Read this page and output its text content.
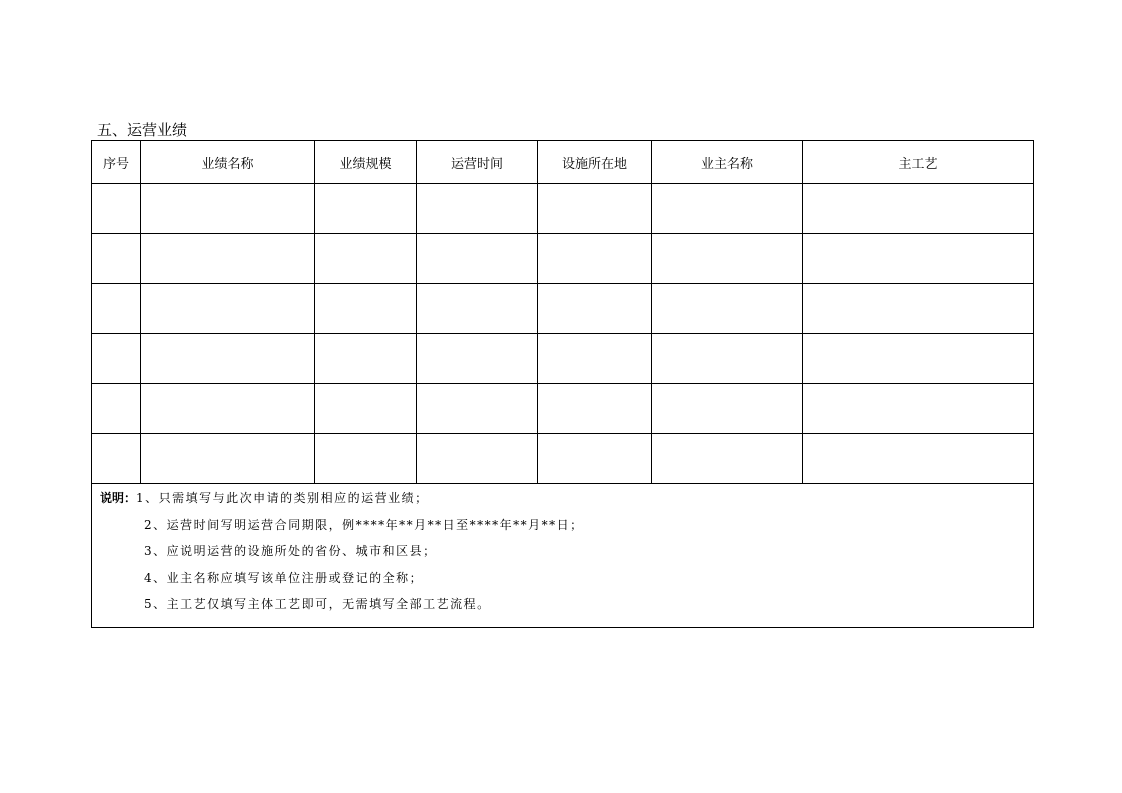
五、运营业绩
序号	业绩名称	业绩规模	运营时间	设施所在地	业主名称	主工艺

说明：1、只需填写与此次申请的类别相应的运营业绩；
2、运营时间写明运营合同期限，例****年**月**日至****年**月**日；
3、应说明运营的设施所处的省份、城市和区县；
4、业主名称应填写该单位注册或登记的全称；
5、主工艺仅填写主体工艺即可，无需填写全部工艺流程。						
